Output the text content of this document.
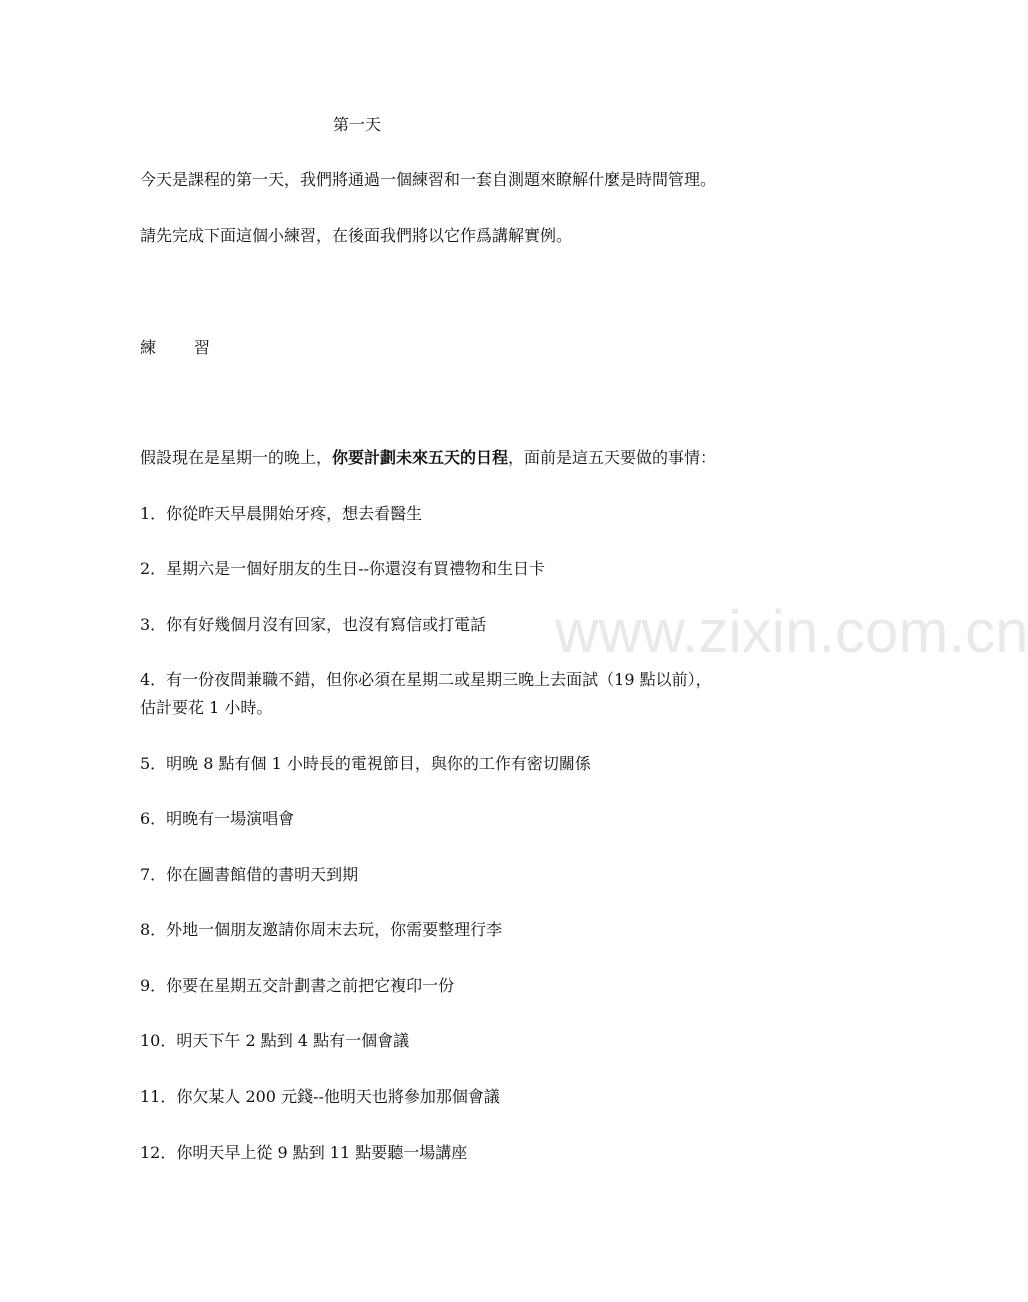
第一天
今天是課程的第一天，我們將通過一個練習和一套自測題來瞭解什麼是時間管理。
請先完成下面這個小練習，在後面我們將以它作爲講解實例。
練 習
假設現在是星期一的晚上，你要計劃未來五天的日程，面前是這五天要做的事情：
1．你從昨天早晨開始牙疼，想去看醫生
2．星期六是一個好朋友的生日--你還沒有買禮物和生日卡
3．你有好幾個月沒有回家，也沒有寫信或打電話
4．有一份夜間兼職不錯，但你必須在星期二或星期三晚上去面試（19 點以前），
估計要花 1 小時。
5．明晚 8 點有個 1 小時長的電視節目，與你的工作有密切關係
6．明晚有一場演唱會
7．你在圖書館借的書明天到期
8．外地一個朋友邀請你周末去玩，你需要整理行李
9．你要在星期五交計劃書之前把它複印一份
10．明天下午 2 點到 4 點有一個會議
11．你欠某人 200 元錢--他明天也將參加那個會議
12．你明天早上從 9 點到 11 點要聽一場講座
www.zixin.com.cn
